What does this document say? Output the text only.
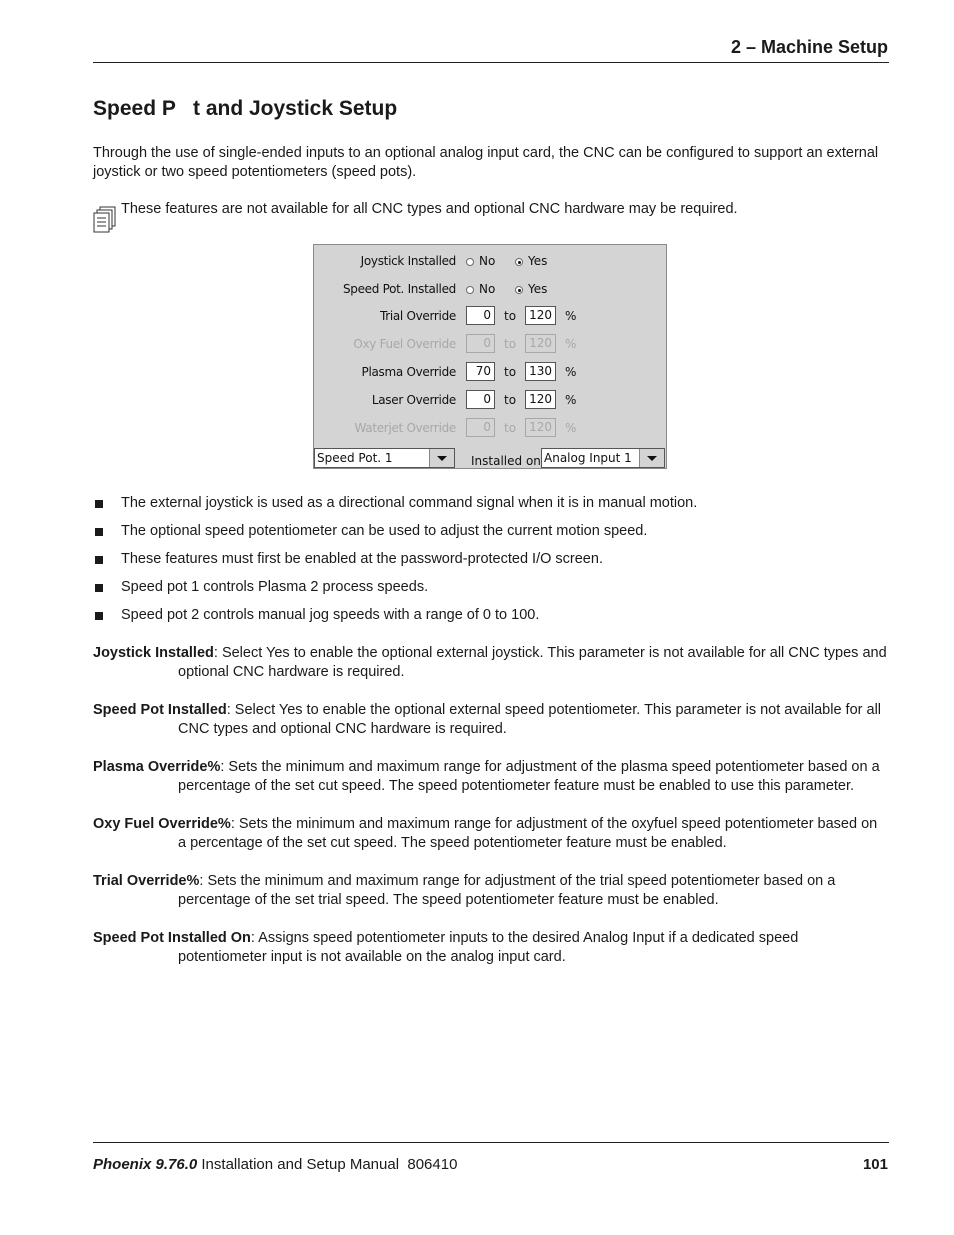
2 – Machine Setup
Speed P   t and Joystick Setup
Through the use of single-ended inputs to an optional analog input card, the CNC can be configured to support an external joystick or two speed potentiometers (speed pots).
These features are not available for all CNC types and optional CNC hardware may be required.
Joystick Installed No	Yes
Speed Pot. Installed No	Yes
Trial Override	0	to	120	%
Oxy Fuel Override	0	to	120	%
Plasma Override	70	to	130	%
Laser Override	0	to	120	%
Waterjet Override	0	to	120	%
Speed Pot. 1	Installed on Analog Input 1
The external joystick is used as a directional command signal when it is in manual motion.
The optional speed potentiometer can be used to adjust the current motion speed.
These features must first be enabled at the password-protected I/O screen.
Speed pot 1 controls Plasma 2 process speeds.
Speed pot 2 controls manual jog speeds with a range of 0 to 100.

Joystick Installed: Select Yes to enable the optional external joystick. This parameter is not available for all CNC types and optional CNC hardware is required.

Speed Pot Installed: Select Yes to enable the optional external speed potentiometer. This parameter is not available for all CNC types and optional CNC hardware is required.

Plasma Override%: Sets the minimum and maximum range for adjustment of the plasma speed potentiometer based on a percentage of the set cut speed. The speed potentiometer feature must be enabled to use this parameter.

Oxy Fuel Override%: Sets the minimum and maximum range for adjustment of the oxyfuel speed potentiometer based on a percentage of the set cut speed. The speed potentiometer feature must be enabled.

Trial Override%: Sets the minimum and maximum range for adjustment of the trial speed potentiometer based on a percentage of the set trial speed. The speed potentiometer feature must be enabled.

Speed Pot Installed On: Assigns speed potentiometer inputs to the desired Analog Input if a dedicated speed potentiometer input is not available on the analog input card.

Phoenix 9.76.0 Installation and Setup Manual  806410	101
